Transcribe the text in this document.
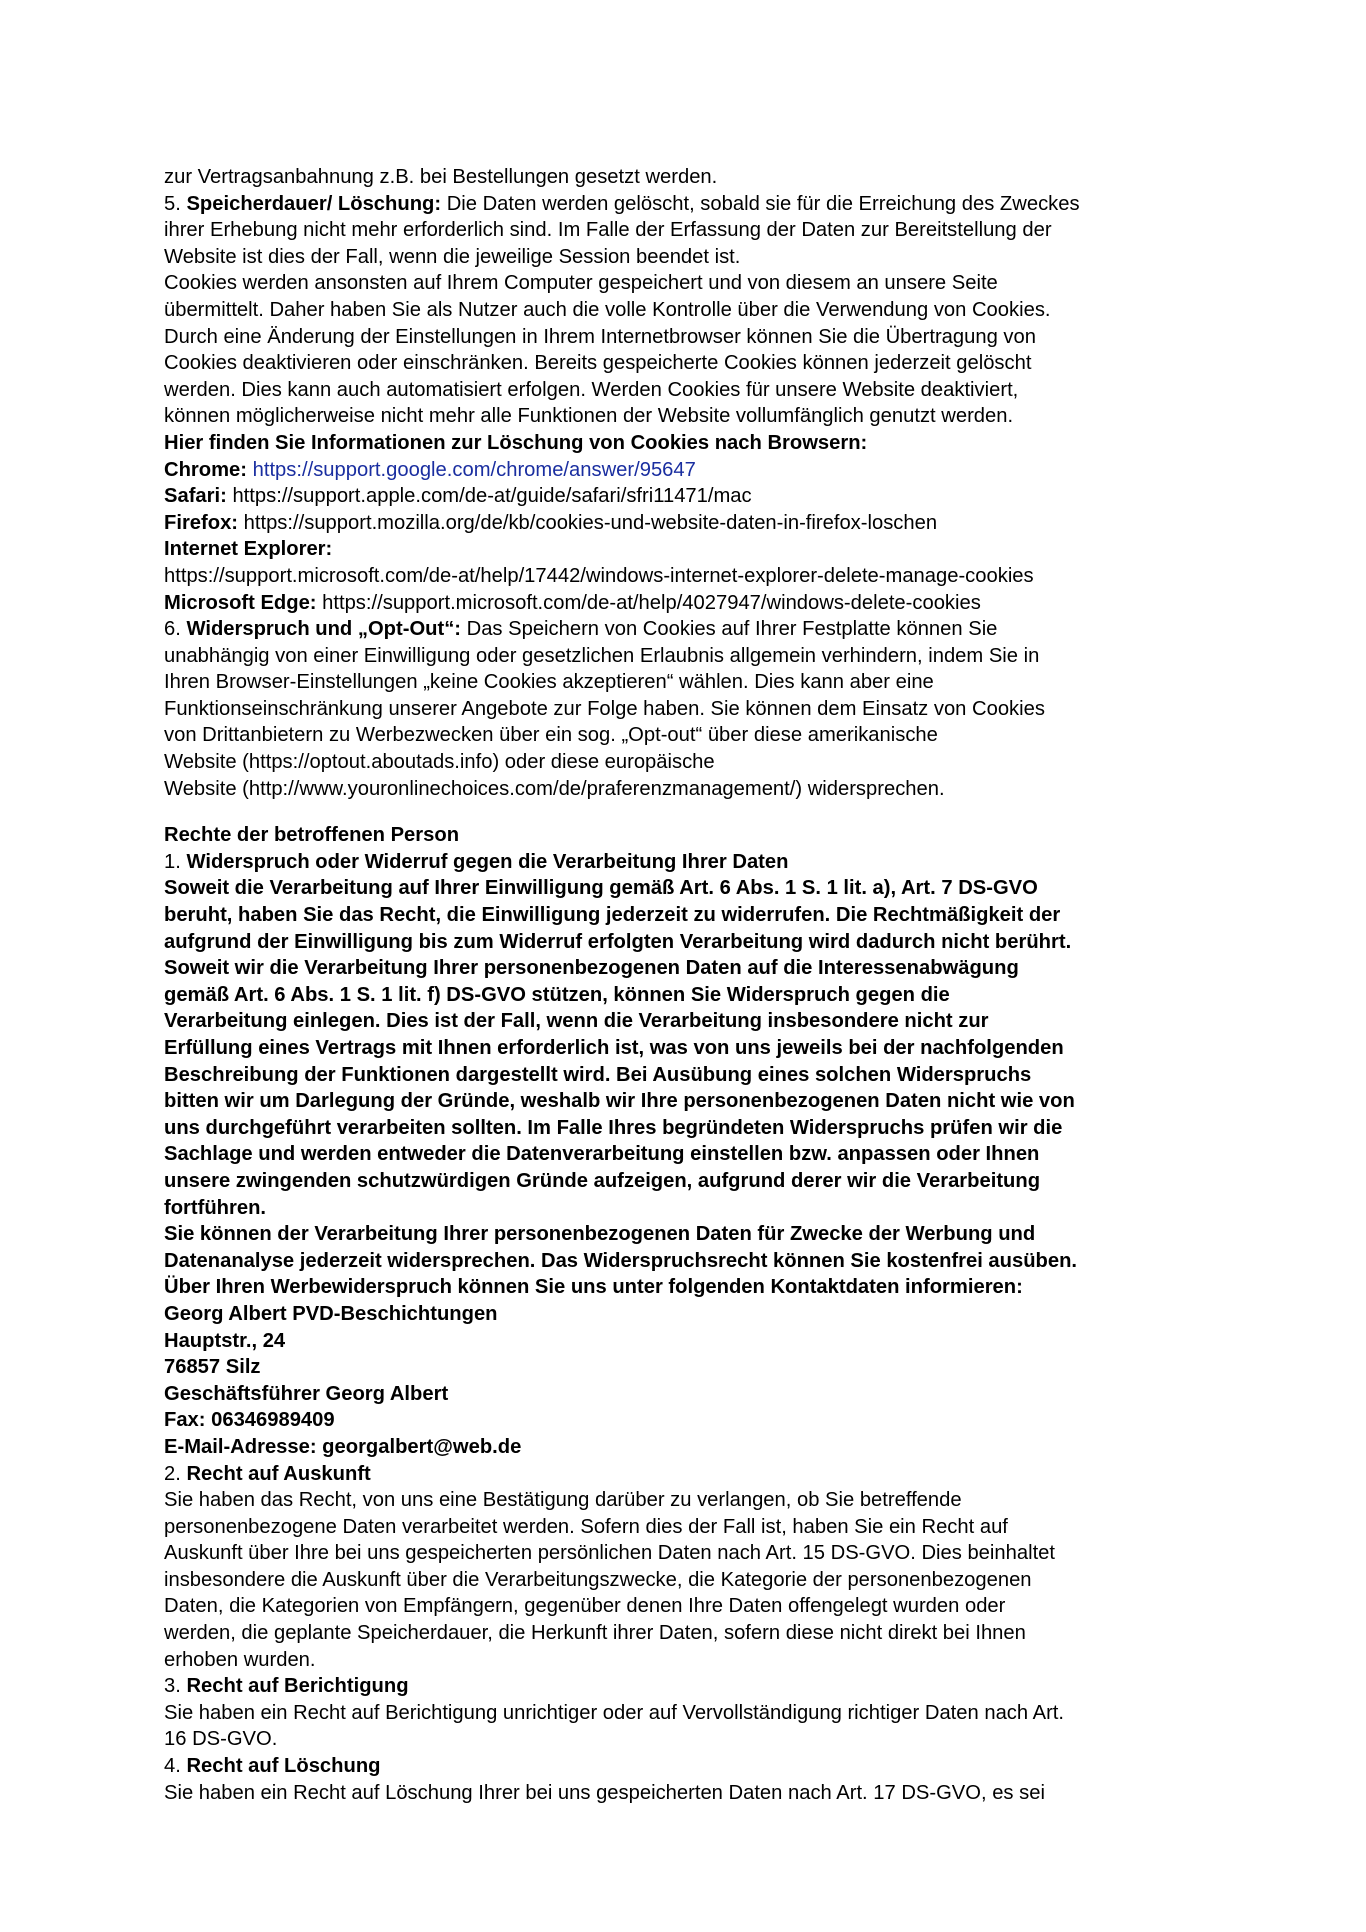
zur Vertragsanbahnung z.B. bei Bestellungen gesetzt werden.
5. Speicherdauer/ Löschung: Die Daten werden gelöscht, sobald sie für die Erreichung des Zweckes
ihrer Erhebung nicht mehr erforderlich sind. Im Falle der Erfassung der Daten zur Bereitstellung der
Website ist dies der Fall, wenn die jeweilige Session beendet ist.
Cookies werden ansonsten auf Ihrem Computer gespeichert und von diesem an unsere Seite
übermittelt. Daher haben Sie als Nutzer auch die volle Kontrolle über die Verwendung von Cookies.
Durch eine Änderung der Einstellungen in Ihrem Internetbrowser können Sie die Übertragung von
Cookies deaktivieren oder einschränken. Bereits gespeicherte Cookies können jederzeit gelöscht
werden. Dies kann auch automatisiert erfolgen. Werden Cookies für unsere Website deaktiviert,
können möglicherweise nicht mehr alle Funktionen der Website vollumfänglich genutzt werden.
Hier finden Sie Informationen zur Löschung von Cookies nach Browsern:
Chrome: https://support.google.com/chrome/answer/95647
Safari: https://support.apple.com/de-at/guide/safari/sfri11471/mac
Firefox: https://support.mozilla.org/de/kb/cookies-und-website-daten-in-firefox-loschen
Internet Explorer:
https://support.microsoft.com/de-at/help/17442/windows-internet-explorer-delete-manage-cookies
Microsoft Edge: https://support.microsoft.com/de-at/help/4027947/windows-delete-cookies
6. Widerspruch und „Opt-Out“: Das Speichern von Cookies auf Ihrer Festplatte können Sie
unabhängig von einer Einwilligung oder gesetzlichen Erlaubnis allgemein verhindern, indem Sie in
Ihren Browser-Einstellungen „keine Cookies akzeptieren“ wählen. Dies kann aber eine
Funktionseinschränkung unserer Angebote zur Folge haben. Sie können dem Einsatz von Cookies
von Drittanbietern zu Werbezwecken über ein sog. „Opt-out“ über diese amerikanische
Website (https://optout.aboutads.info) oder diese europäische
Website (http://www.youronlinechoices.com/de/praferenzmanagement/) widersprechen.
Rechte der betroffenen Person
1. Widerspruch oder Widerruf gegen die Verarbeitung Ihrer Daten
Soweit die Verarbeitung auf Ihrer Einwilligung gemäß Art. 6 Abs. 1 S. 1 lit. a), Art. 7 DS-GVO
beruht, haben Sie das Recht, die Einwilligung jederzeit zu widerrufen. Die Rechtmäßigkeit der
aufgrund der Einwilligung bis zum Widerruf erfolgten Verarbeitung wird dadurch nicht berührt.
Soweit wir die Verarbeitung Ihrer personenbezogenen Daten auf die Interessenabwägung
gemäß Art. 6 Abs. 1 S. 1 lit. f) DS-GVO stützen, können Sie Widerspruch gegen die
Verarbeitung einlegen. Dies ist der Fall, wenn die Verarbeitung insbesondere nicht zur
Erfüllung eines Vertrags mit Ihnen erforderlich ist, was von uns jeweils bei der nachfolgenden
Beschreibung der Funktionen dargestellt wird. Bei Ausübung eines solchen Widerspruchs
bitten wir um Darlegung der Gründe, weshalb wir Ihre personenbezogenen Daten nicht wie von
uns durchgeführt verarbeiten sollten. Im Falle Ihres begründeten Widerspruchs prüfen wir die
Sachlage und werden entweder die Datenverarbeitung einstellen bzw. anpassen oder Ihnen
unsere zwingenden schutzwürdigen Gründe aufzeigen, aufgrund derer wir die Verarbeitung
fortführen.
Sie können der Verarbeitung Ihrer personenbezogenen Daten für Zwecke der Werbung und
Datenanalyse jederzeit widersprechen. Das Widerspruchsrecht können Sie kostenfrei ausüben.
Über Ihren Werbewiderspruch können Sie uns unter folgenden Kontaktdaten informieren:
Georg Albert PVD-Beschichtungen
Hauptstr., 24
76857 Silz
Geschäftsführer Georg Albert
Fax: 06346989409
E-Mail-Adresse: georgalbert@web.de
2. Recht auf Auskunft
Sie haben das Recht, von uns eine Bestätigung darüber zu verlangen, ob Sie betreffende
personenbezogene Daten verarbeitet werden. Sofern dies der Fall ist, haben Sie ein Recht auf
Auskunft über Ihre bei uns gespeicherten persönlichen Daten nach Art. 15 DS-GVO. Dies beinhaltet
insbesondere die Auskunft über die Verarbeitungszwecke, die Kategorie der personenbezogenen
Daten, die Kategorien von Empfängern, gegenüber denen Ihre Daten offengelegt wurden oder
werden, die geplante Speicherdauer, die Herkunft ihrer Daten, sofern diese nicht direkt bei Ihnen
erhoben wurden.
3. Recht auf Berichtigung
Sie haben ein Recht auf Berichtigung unrichtiger oder auf Vervollständigung richtiger Daten nach Art.
16 DS-GVO.
4. Recht auf Löschung
Sie haben ein Recht auf Löschung Ihrer bei uns gespeicherten Daten nach Art. 17 DS-GVO, es sei
